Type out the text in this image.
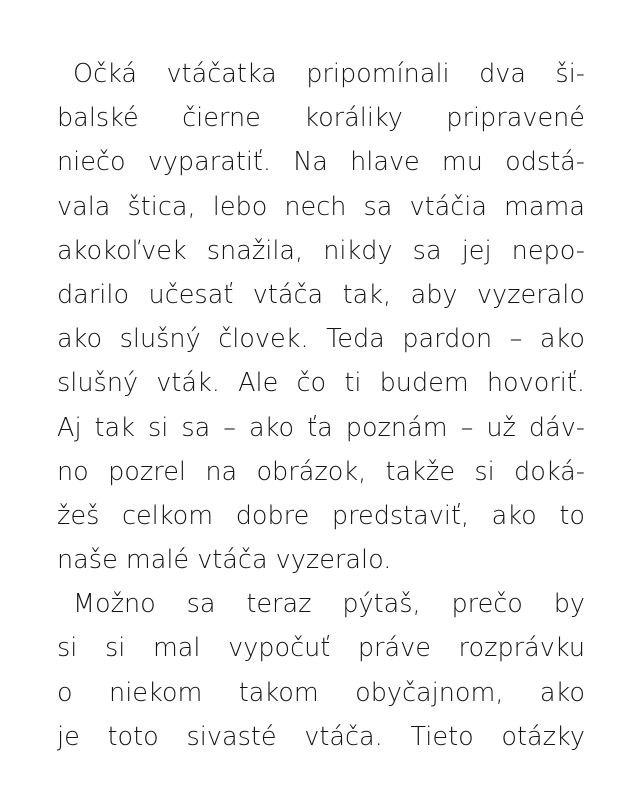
Očká vtáčatka pripomínali dva ši-
balské čierne koráliky pripravené
niečo vyparatiť. Na hlave mu odstá-
vala štica, lebo nech sa vtáčia mama
akokoľvek snažila, nikdy sa jej nepo-
darilo učesať vtáča tak, aby vyzeralo
ako slušný človek. Teda pardon – ako
slušný vták. Ale čo ti budem hovoriť.
Aj tak si sa – ako ťa poznám – už dáv-
no pozrel na obrázok, takže si doká-
žeš celkom dobre predstaviť, ako to
naše malé vtáča vyzeralo.
Možno sa teraz pýtaš, prečo by
si si mal vypočuť práve rozprávku
o niekom takom obyčajnom, ako
je toto sivasté vtáča. Tieto otázky
